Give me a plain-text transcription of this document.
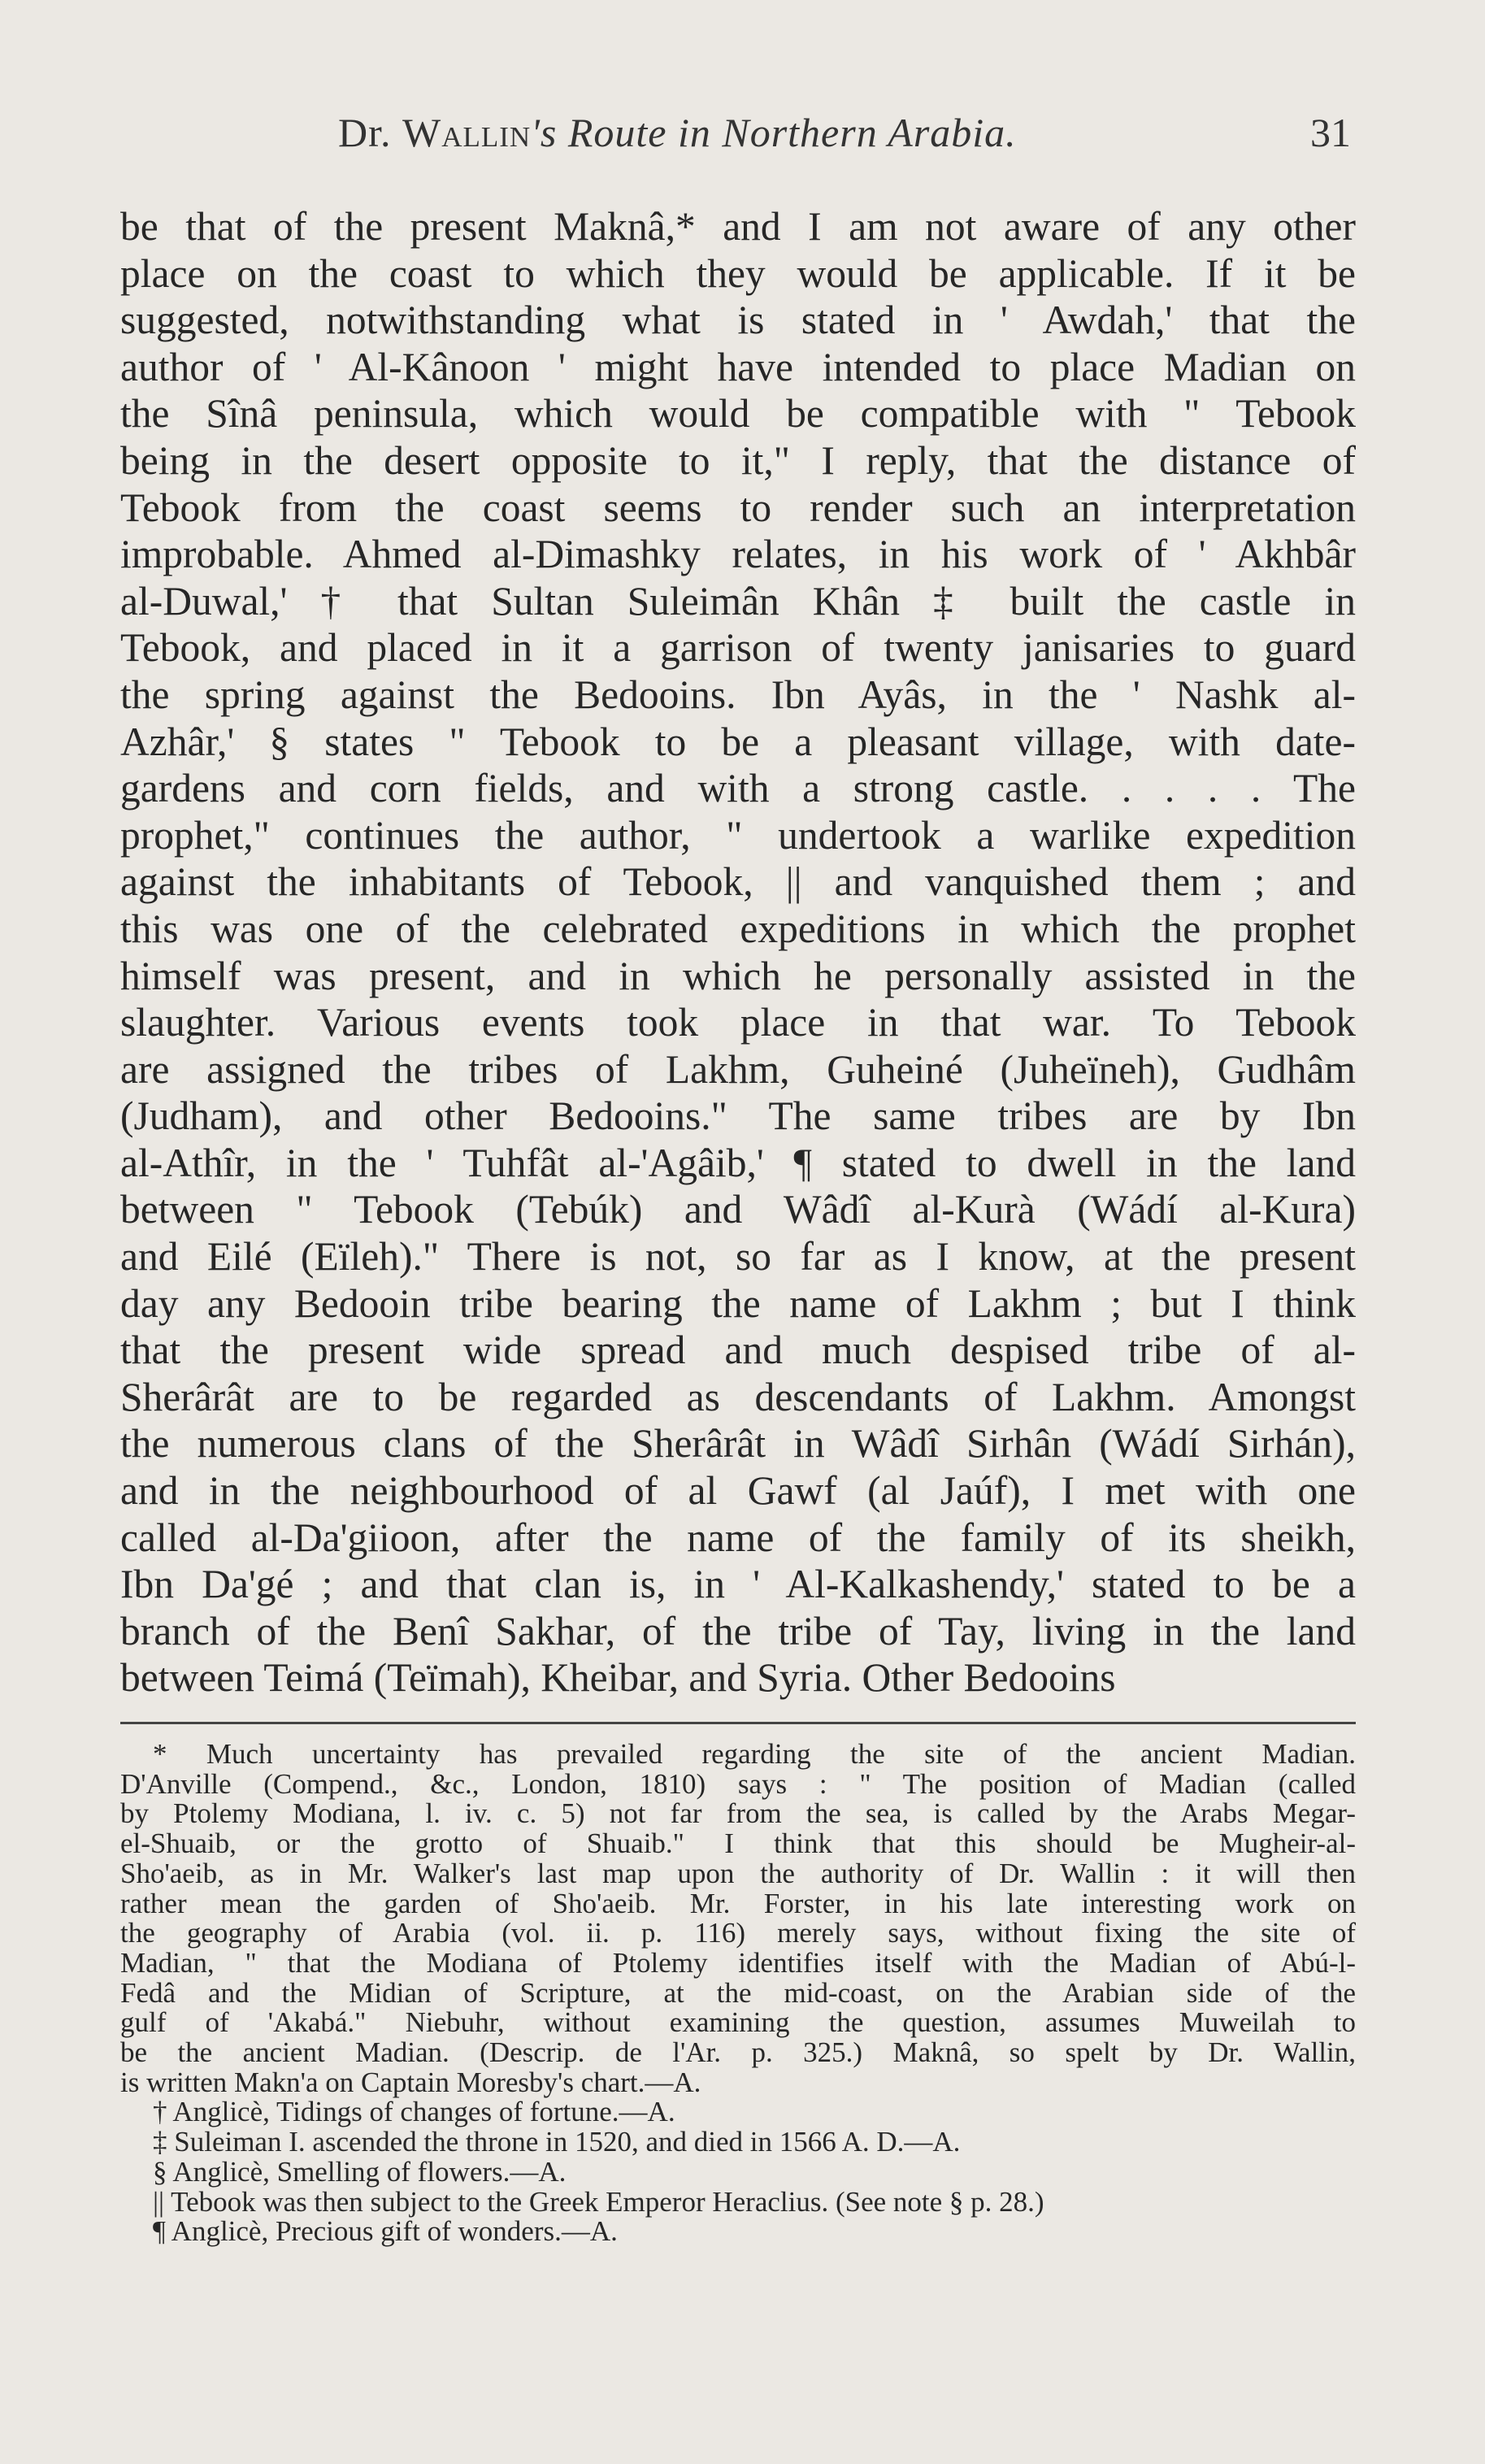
Dr. Wallin's Route in Northern Arabia.	31
be that of the present Maknâ,* and I am not aware of any other
place on the coast to which they would be applicable. If it be
suggested, notwithstanding what is stated in ' Awdah,' that the
author of ' Al-Kânoon ' might have intended to place Madian on
the Sînâ peninsula, which would be compatible with " Tebook
being in the desert opposite to it," I reply, that the distance of
Tebook from the coast seems to render such an interpretation
improbable. Ahmed al-Dimashky relates, in his work of ' Akhbâr
al-Duwal,' † that Sultan Suleimân Khân ‡ built the castle in
Tebook, and placed in it a garrison of twenty janisaries to guard
the spring against the Bedooins. Ibn Ayâs, in the ' Nashk al-
Azhâr,' § states " Tebook to be a pleasant village, with date-
gardens and corn fields, and with a strong castle. . . . . The
prophet," continues the author, " undertook a warlike expedition
against the inhabitants of Tebook, || and vanquished them ; and
this was one of the celebrated expeditions in which the prophet
himself was present, and in which he personally assisted in the
slaughter. Various events took place in that war. To Tebook
are assigned the tribes of Lakhm, Guheiné (Juheïneh), Gudhâm
(Judham), and other Bedooins." The same tribes are by Ibn
al-Athîr, in the ' Tuhfât al-'Agâib,' ¶ stated to dwell in the land
between " Tebook (Tebúk) and Wâdî al-Kurà (Wádí al-Kura)
and Eilé (Eïleh)." There is not, so far as I know, at the present
day any Bedooin tribe bearing the name of Lakhm ; but I think
that the present wide spread and much despised tribe of al-
Sherârât are to be regarded as descendants of Lakhm. Amongst
the numerous clans of the Sherârât in Wâdî Sirhân (Wádí Sirhán),
and in the neighbourhood of al Gawf (al Jaúf), I met with one
called al-Da'giioon, after the name of the family of its sheikh,
Ibn Da'gé ; and that clan is, in ' Al-Kalkashendy,' stated to be a
branch of the Benî Sakhar, of the tribe of Tay, living in the land
between Teimá (Teïmah), Kheibar, and Syria. Other Bedooins
* Much uncertainty has prevailed regarding the site of the ancient Madian.
D'Anville (Compend., &c., London, 1810) says : " The position of Madian (called
by Ptolemy Modiana, l. iv. c. 5) not far from the sea, is called by the Arabs Megar-
el-Shuaib, or the grotto of Shuaib." I think that this should be Mugheir-al-
Sho'aeib, as in Mr. Walker's last map upon the authority of Dr. Wallin : it will then
rather mean the garden of Sho'aeib. Mr. Forster, in his late interesting work on
the geography of Arabia (vol. ii. p. 116) merely says, without fixing the site of
Madian, " that the Modiana of Ptolemy identifies itself with the Madian of Abú-l-
Fedâ and the Midian of Scripture, at the mid-coast, on the Arabian side of the
gulf of 'Akabá." Niebuhr, without examining the question, assumes Muweilah to
be the ancient Madian. (Descrip. de l'Ar. p. 325.) Maknâ, so spelt by Dr. Wallin,
is written Makn'a on Captain Moresby's chart.—A.
† Anglicè, Tidings of changes of fortune.—A.
‡ Suleiman I. ascended the throne in 1520, and died in 1566 A. D.—A.
§ Anglicè, Smelling of flowers.—A.
|| Tebook was then subject to the Greek Emperor Heraclius. (See note § p. 28.)
¶ Anglicè, Precious gift of wonders.—A.
